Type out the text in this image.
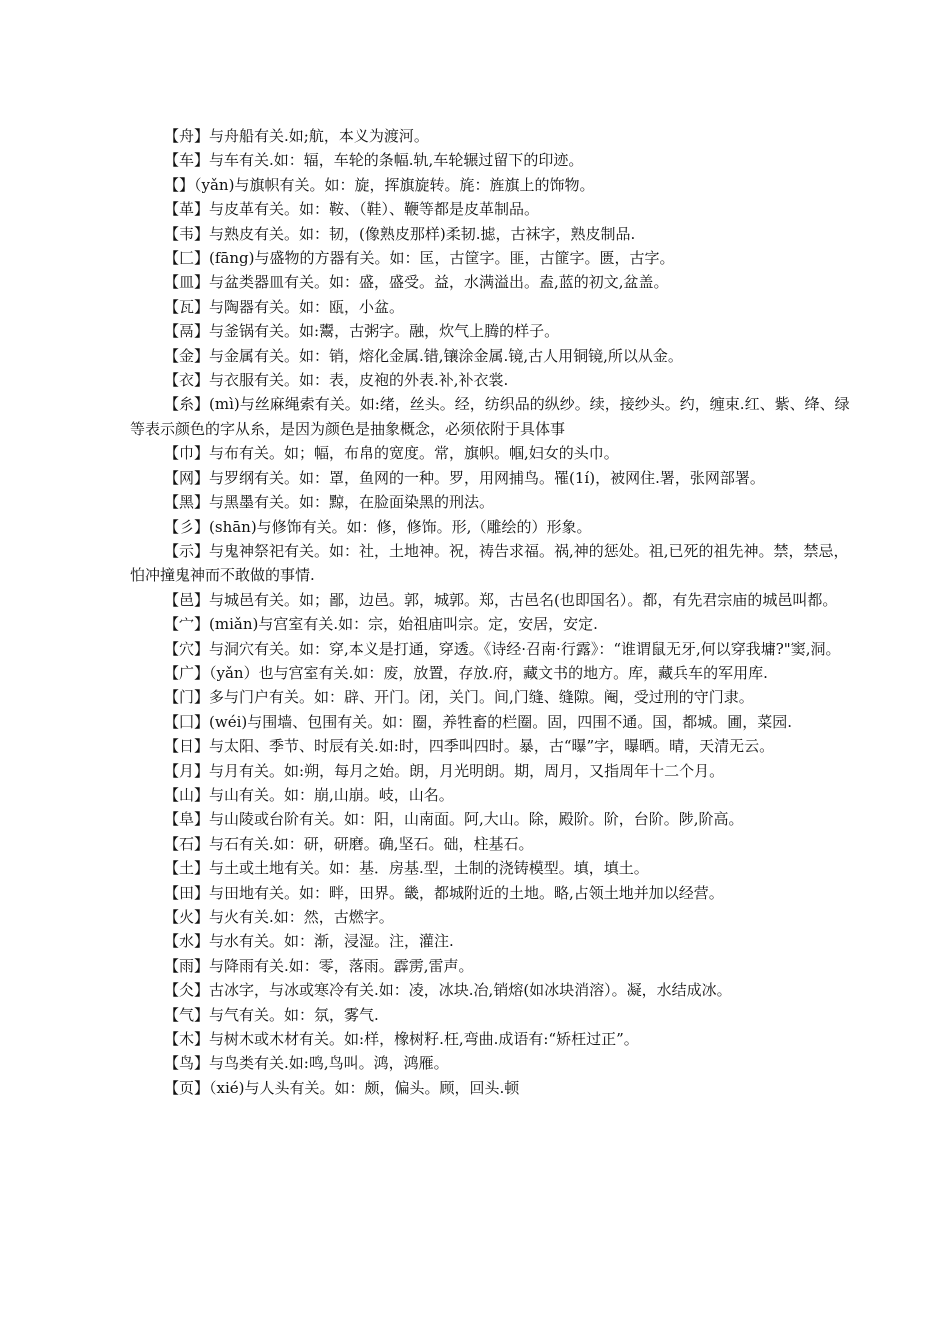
【舟】与舟船有关.如;航，本义为渡河。

【车】与车有关.如：辐，车轮的条幅.轨,车轮辗过留下的印迹。

【】（yǎn)与旗帜有关。如：旋，挥旗旋转。旄：旌旗上的饰物。

【革】与皮革有关。如：鞍、（鞋）、鞭等都是皮革制品。

【韦】与熟皮有关。如：韧，(像熟皮那样)柔韧.摅，古袜字，熟皮制品.

【匚】(fāng)与盛物的方器有关。如：匡，古筐字。匪，古篚字。匮，古字。

【皿】与盆类器皿有关。如：盛，盛受。益，水满溢出。盍,蓝的初文,盆盖。

【瓦】与陶器有关。如：瓯，小盆。

【鬲】与釜锅有关。如:鬻，古粥字。融，炊气上腾的样子。

【金】与金属有关。如：销，熔化金属.错,镶涂金属.镜,古人用铜镜,所以从金。

【衣】与衣服有关。如：表，皮袍的外表.补,补衣裳.

【糸】(mì)与丝麻绳索有关。如:绪，丝头。经，纺织品的纵纱。续，接纱头。约，缠束.红、紫、绛、绿等表示颜色的字从糸，是因为颜色是抽象概念，必须依附于具体事

【巾】与布有关。如；幅，布帛的宽度。常，旗帜。帼,妇女的头巾。

【网】与罗纲有关。如：罩，鱼网的一种。罗，用网捕鸟。罹(1í)，被网住.署，张网部署。

【黑】与黑墨有关。如：黥，在脸面染黑的刑法。

【彡】(shān)与修饰有关。如：修，修饰。形,（雕绘的）形象。

【示】与鬼神祭祀有关。如：社，土地神。祝，祷告求福。祸,神的惩处。祖,已死的祖先神。禁，禁忌，怕冲撞鬼神而不敢做的事情.

【邑】与城邑有关。如；鄙，边邑。郭，城郭。郑，古邑名(也即国名）。都，有先君宗庙的城邑叫都。

【宀】(miǎn)与宫室有关.如：宗，始祖庙叫宗。定，安居，安定.

【穴】与洞穴有关。如：穿,本义是打通，穿透。《诗经·召南·行露》：“谁谓鼠无牙,何以穿我墉?"窦,洞。

【广】（yǎn）也与宫室有关.如：废，放置，存放.府，藏文书的地方。库，藏兵车的军用库.

【门】多与门户有关。如：辟、开门。闭，关门。间,门缝、缝隙。阉，受过刑的守门隶。

【囗】(wéi)与围墙、包围有关。如：圈，养牲畜的栏圈。固，四围不通。国，都城。圃，菜园.

【日】与太阳、季节、时辰有关.如:时，四季叫四时。暴，古“曝”字，曝晒。晴，天清无云。

【月】与月有关。如:朔，每月之始。朗，月光明朗。期，周月，又指周年十二个月。

【山】与山有关。如：崩,山崩。岐，山名。

【阜】与山陵或台阶有关。如：阳，山南面。阿,大山。除，殿阶。阶，台阶。陟,阶高。

【石】与石有关.如：研，研磨。确,坚石。础，柱基石。

【土】与土或土地有关。如：基．房基.型，土制的浇铸模型。填，填土。

【田】与田地有关。如：畔，田界。畿，都城附近的土地。略,占领土地并加以经营。

【火】与火有关.如：然，古燃字。

【水】与水有关。如：渐，浸湿。注，灌注.

【雨】与降雨有关.如：零，落雨。霹雳,雷声。

【仌】古冰字，与冰或寒冷有关.如：凌，冰块.冶,销熔(如冰块消溶）。凝，水结成冰。

【气】与气有关。如：氛，雾气.

【木】与树木或木材有关。如:样，橡树籽.枉,弯曲.成语有:“矫枉过正”。

【鸟】与鸟类有关.如:鸣,鸟叫。鸿，鸿雁。

【页】（xié)与人头有关。如：颇，偏头。顾，回头.顿
